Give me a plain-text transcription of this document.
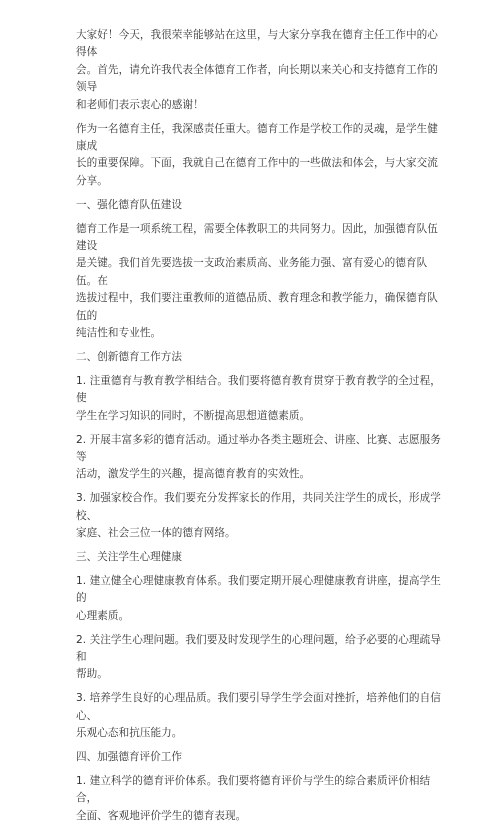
大家好！今天，我很荣幸能够站在这里，与大家分享我在德育主任工作中的心得体
会。首先，请允许我代表全体德育工作者，向长期以来关心和支持德育工作的领导
和老师们表示衷心的感谢！

作为一名德育主任，我深感责任重大。德育工作是学校工作的灵魂，是学生健康成
长的重要保障。下面，我就自己在德育工作中的一些做法和体会，与大家交流分享。

一、强化德育队伍建设

德育工作是一项系统工程，需要全体教职工的共同努力。因此，加强德育队伍建设
是关键。我们首先要选拔一支政治素质高、业务能力强、富有爱心的德育队伍。在
选拔过程中，我们要注重教师的道德品质、教育理念和教学能力，确保德育队伍的
纯洁性和专业性。

二、创新德育工作方法

1. 注重德育与教育教学相结合。我们要将德育教育贯穿于教育教学的全过程，使
学生在学习知识的同时，不断提高思想道德素质。

2. 开展丰富多彩的德育活动。通过举办各类主题班会、讲座、比赛、志愿服务等
活动，激发学生的兴趣，提高德育教育的实效性。

3. 加强家校合作。我们要充分发挥家长的作用，共同关注学生的成长，形成学校、
家庭、社会三位一体的德育网络。

三、关注学生心理健康

1. 建立健全心理健康教育体系。我们要定期开展心理健康教育讲座，提高学生的
心理素质。

2. 关注学生心理问题。我们要及时发现学生的心理问题，给予必要的心理疏导和
帮助。

3. 培养学生良好的心理品质。我们要引导学生学会面对挫折，培养他们的自信心、
乐观心态和抗压能力。

四、加强德育评价工作

1. 建立科学的德育评价体系。我们要将德育评价与学生的综合素质评价相结合，
全面、客观地评价学生的德育表现。
